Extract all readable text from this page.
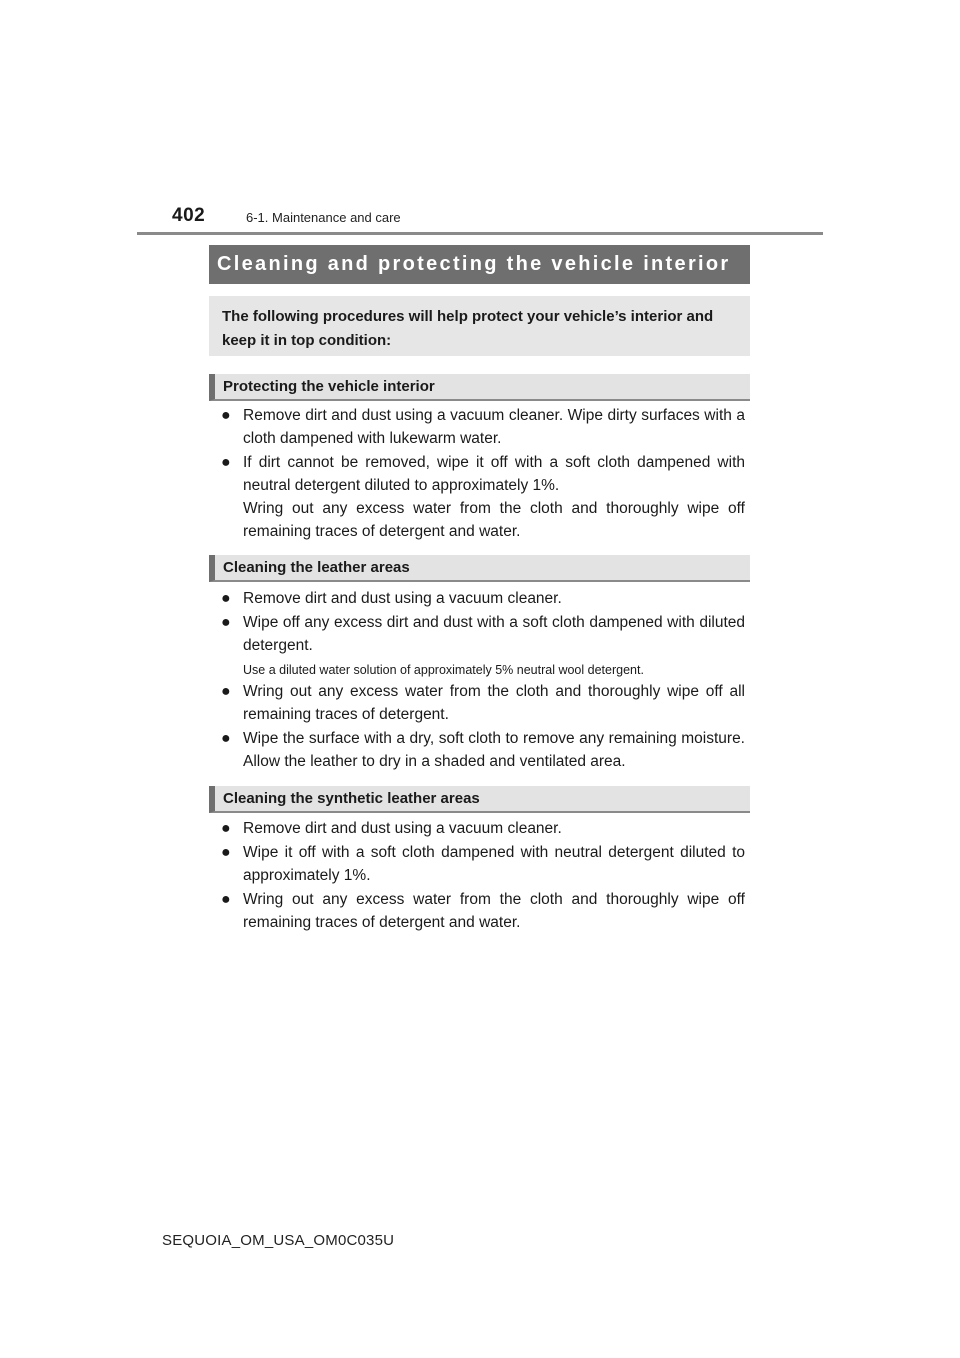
402	6-1. Maintenance and care
Cleaning and protecting the vehicle interior
The following procedures will help protect your vehicle’s interior and keep it in top condition:
Protecting the vehicle interior
● Remove dirt and dust using a vacuum cleaner. Wipe dirty surfaces with a cloth dampened with lukewarm water.
● If dirt cannot be removed, wipe it off with a soft cloth dampened with neutral detergent diluted to approximately 1%.
Wring out any excess water from the cloth and thoroughly wipe off remaining traces of detergent and water.
Cleaning the leather areas
● Remove dirt and dust using a vacuum cleaner.
● Wipe off any excess dirt and dust with a soft cloth dampened with diluted detergent.
Use a diluted water solution of approximately 5% neutral wool detergent.
● Wring out any excess water from the cloth and thoroughly wipe off all remaining traces of detergent.
● Wipe the surface with a dry, soft cloth to remove any remaining moisture. Allow the leather to dry in a shaded and ventilated area.
Cleaning the synthetic leather areas
● Remove dirt and dust using a vacuum cleaner.
● Wipe it off with a soft cloth dampened with neutral detergent diluted to approximately 1%.
● Wring out any excess water from the cloth and thoroughly wipe off remaining traces of detergent and water.
SEQUOIA_OM_USA_OM0C035U
